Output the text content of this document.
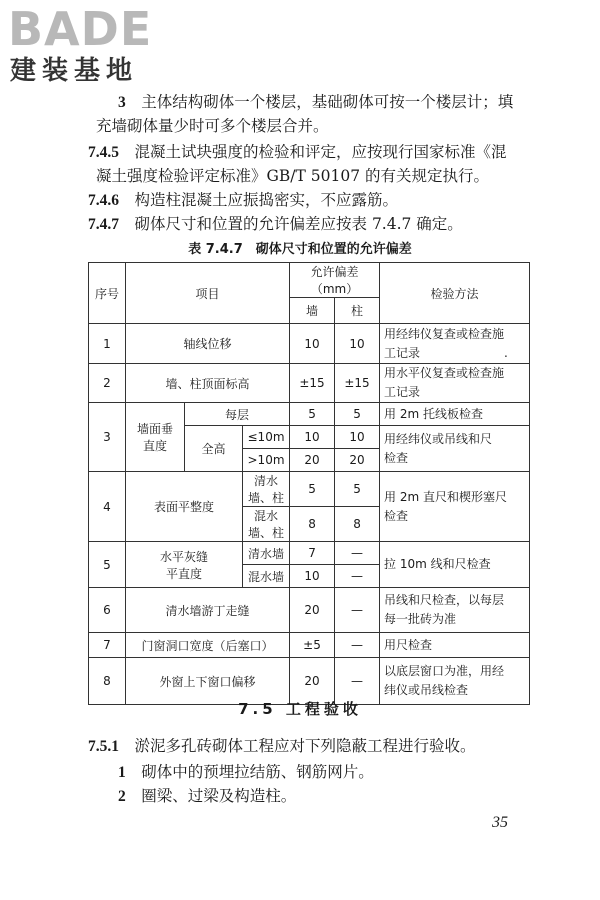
BADE
建装基地
3　 主体结构砌体一个楼层，基础砌体可按一个楼层计；填
充墙砌体量少时可多个楼层合并。
7.4.5　 混凝土试块强度的检验和评定，应按现行国家标准《混
凝土强度检验评定标准》GB/T 50107 的有关规定执行。
7.4.6　 构造柱混凝土应振捣密实，不应露筋。
7.4.7　 砌体尺寸和位置的允许偏差应按表 7.4.7 确定。
表 7.4.7　砌体尺寸和位置的允许偏差
序号	项目			允许偏差（mm）		检验方法
				墙	柱	
1	轴线位移			10	10	用经纬仪复查或检查施
工记录　　　　　　　.
2	墙、柱顶面标高			±15	±15	用水平仪复查或检查施
工记录
3	墙面垂
直度	每层		5	5	用 2m 托线板检查
		全高	≤10m	10	10	用经纬仪或吊线和尺
检查
			>10m	20	20	
4	表面平整度		清水墙、柱	5	5	用 2m 直尺和楔形塞尺
检查
			混水墙、柱	8	8	
5	水平灰缝
平直度		清水墙	7	—	拉 10m 线和尺检查
			混水墙	10	—	
6	清水墙游丁走缝			20	—	吊线和尺检查，以每层
每一批砖为准
7	门窗洞口宽度（后塞口）			±5	—	用尺检查
8	外窗上下窗口偏移			20	—	以底层窗口为准，用经
纬仪或吊线检查
7.5 工程验收
7.5.1　 淤泥多孔砖砌体工程应对下列隐蔽工程进行验收。
1　 砌体中的预埋拉结筋、钢筋网片。
2　 圈梁、过梁及构造柱。
35
